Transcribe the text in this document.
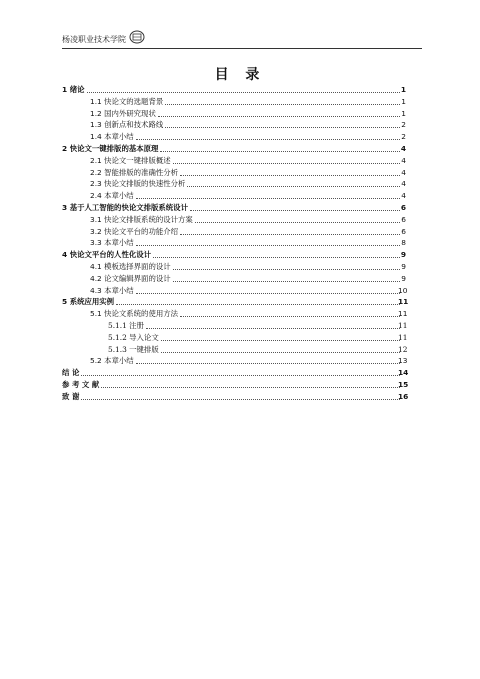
杨凌职业技术学院
目 录
1 绪论	1
1.1 快论文的选题背景	1
1.2 国内外研究现状	1
1.3 创新点和技术路线	2
1.4 本章小结	2
2 快论文一键排版的基本原理	4
2.1 快论文一键排版概述	4
2.2 智能排版的准确性分析	4
2.3 快论文排版的快速性分析	4
2.4 本章小结	4
3 基于人工智能的快论文排版系统设计	6
3.1 快论文排版系统的设计方案	6
3.2 快论文平台的功能介绍	6
3.3 本章小结	8
4 快论文平台的人性化设计	9
4.1 模板选择界面的设计	9
4.2 论文编辑界面的设计	9
4.3 本章小结	10
5 系统应用实例	11
5.1 快论文系统的使用方法	11
5.1.1 注册	11
5.1.2 导入论文	11
5.1.3 一键排版	12
5.2 本章小结	13
结 论	14
参 考 文 献	15
致 谢	16
